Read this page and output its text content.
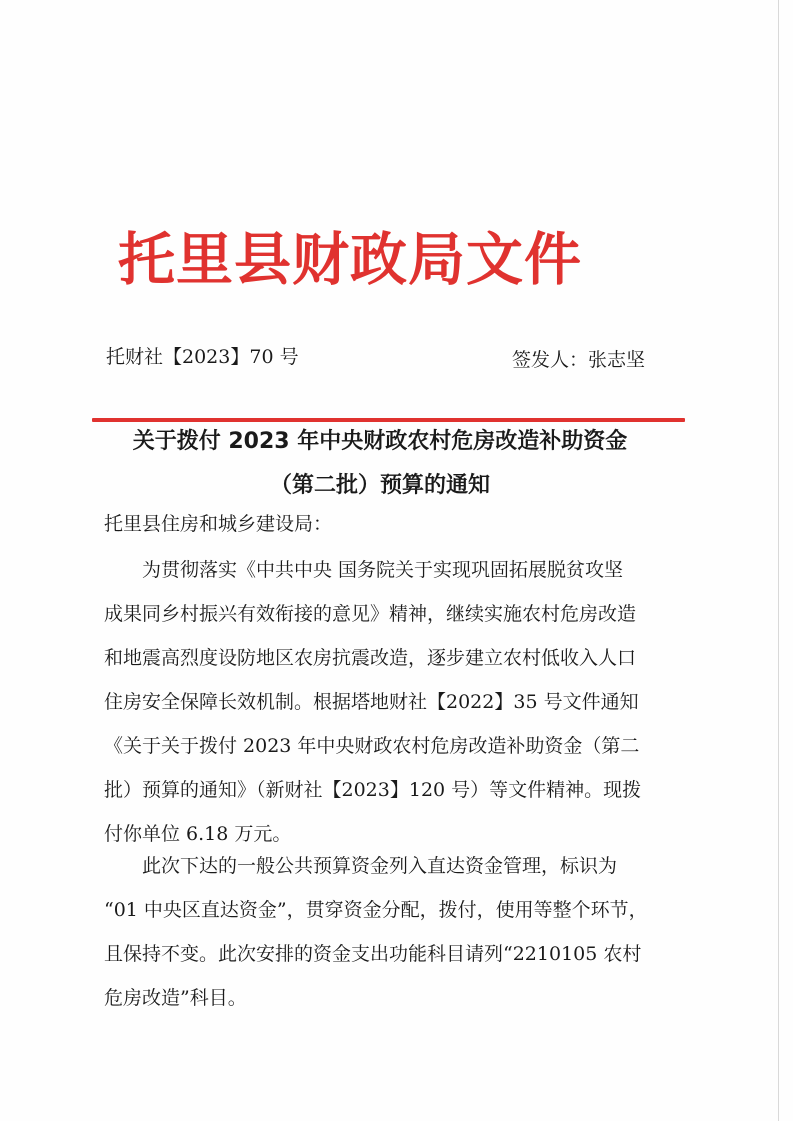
托里县财政局文件
托财社【2023】70 号	签发人：张志坚
关于拨付 2023 年中央财政农村危房改造补助资金
（第二批）预算的通知
托里县住房和城乡建设局：
为贯彻落实《中共中央 国务院关于实现巩固拓展脱贫攻坚
成果同乡村振兴有效衔接的意见》精神，继续实施农村危房改造
和地震高烈度设防地区农房抗震改造，逐步建立农村低收入人口
住房安全保障长效机制。根据塔地财社【2022】35 号文件通知
《关于关于拨付 2023 年中央财政农村危房改造补助资金（第二
批）预算的通知》（新财社【2023】120 号）等文件精神。现拨
付你单位 6.18 万元。
此次下达的一般公共预算资金列入直达资金管理，标识为
“01 中央区直达资金”，贯穿资金分配，拨付，使用等整个环节，
且保持不变。此次安排的资金支出功能科目请列“2210105 农村
危房改造”科目。
